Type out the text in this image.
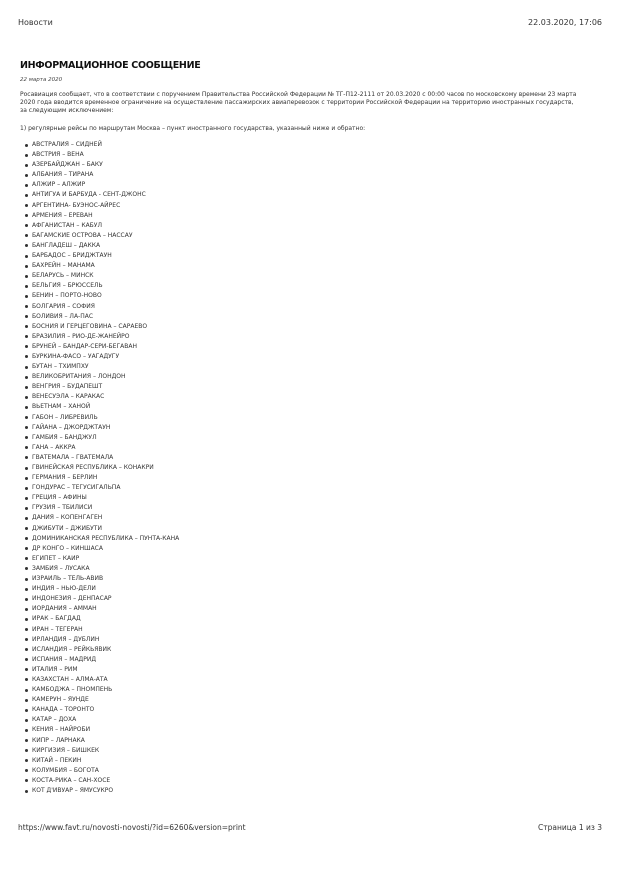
Новости	22.03.2020, 17:06
ИНФОРМАЦИОННОЕ СООБЩЕНИЕ
22 марта 2020
Росавиация сообщает, что в соответствии с поручением Правительства Российской Федерации № ТГ-П12-2111 от 20.03.2020 с 00:00 часов по московскому времени 23 марта 2020 года вводится временное ограничение на осуществление пассажирских авиаперевозок с территории Российской Федерации на территорию иностранных государств, за следующим исключением:
1) регулярные рейсы по маршрутам Москва – пункт иностранного государства, указанный ниже и обратно:
АВСТРАЛИЯ – СИДНЕЙ
АВСТРИЯ – ВЕНА
АЗЕРБАЙДЖАН – БАКУ
АЛБАНИЯ – ТИРАНА
АЛЖИР – АЛЖИР
АНТИГУА И БАРБУДА - СЕНТ-ДЖОНС
АРГЕНТИНА- БУЭНОС-АЙРЕС
АРМЕНИЯ – ЕРЕВАН
АФГАНИСТАН – КАБУЛ
БАГАМСКИЕ ОСТРОВА – НАССАУ
БАНГЛАДЕШ – ДАККА
БАРБАДОС – БРИДЖТАУН
БАХРЕЙН – МАНАМА
БЕЛАРУСЬ – МИНСК
БЕЛЬГИЯ – БРЮССЕЛЬ
БЕНИН – ПОРТО-НОВО
БОЛГАРИЯ – СОФИЯ
БОЛИВИЯ – ЛА-ПАС
БОСНИЯ И ГЕРЦЕГОВИНА – САРАЕВО
БРАЗИЛИЯ – РИО-ДЕ-ЖАНЕЙРО
БРУНЕЙ – БАНДАР-СЕРИ-БЕГАВАН
БУРКИНА-ФАСО – УАГАДУГУ
БУТАН – ТХИМПХУ
ВЕЛИКОБРИТАНИЯ – ЛОНДОН
ВЕНГРИЯ – БУДАПЕШТ
ВЕНЕСУЭЛА – КАРАКАС
ВЬЕТНАМ – ХАНОЙ
ГАБОН – ЛИБРЕВИЛЬ
ГАЙАНА – ДЖОРДЖТАУН
ГАМБИЯ – БАНДЖУЛ
ГАНА – АККРА
ГВАТЕМАЛА – ГВАТЕМАЛА
ГВИНЕЙСКАЯ РЕСПУБЛИКА – КОНАКРИ
ГЕРМАНИЯ – БЕРЛИН
ГОНДУРАС – ТЕГУСИГАЛЬПА
ГРЕЦИЯ – АФИНЫ
ГРУЗИЯ – ТБИЛИСИ
ДАНИЯ – КОПЕНГАГЕН
ДЖИБУТИ – ДЖИБУТИ
ДОМИНИКАНСКАЯ РЕСПУБЛИКА – ПУНТА-КАНА
ДР КОНГО – КИНШАСА
ЕГИПЕТ – КАИР
ЗАМБИЯ – ЛУСАКА
ИЗРАИЛЬ – ТЕЛЬ-АВИВ
ИНДИЯ – НЬЮ-ДЕЛИ
ИНДОНЕЗИЯ – ДЕНПАСАР
ИОРДАНИЯ – АММАН
ИРАК – БАГДАД
ИРАН – ТЕГЕРАН
ИРЛАНДИЯ – ДУБЛИН
ИСЛАНДИЯ – РЕЙКЬЯВИК
ИСПАНИЯ – МАДРИД
ИТАЛИЯ – РИМ
КАЗАХСТАН – АЛМА-АТА
КАМБОДЖА – ПНОМПЕНЬ
КАМЕРУН – ЯУНДЕ
КАНАДА – ТОРОНТО
КАТАР – ДОХА
КЕНИЯ – НАЙРОБИ
КИПР – ЛАРНАКА
КИРГИЗИЯ – БИШКЕК
КИТАЙ – ПЕКИН
КОЛУМБИЯ – БОГОТА
КОСТА-РИКА – САН-ХОСЕ
КОТ Д'ИВУАР – ЯМУСУКРО
https://www.favt.ru/novosti-novosti/?id=6260&version=print	Страница 1 из 3
